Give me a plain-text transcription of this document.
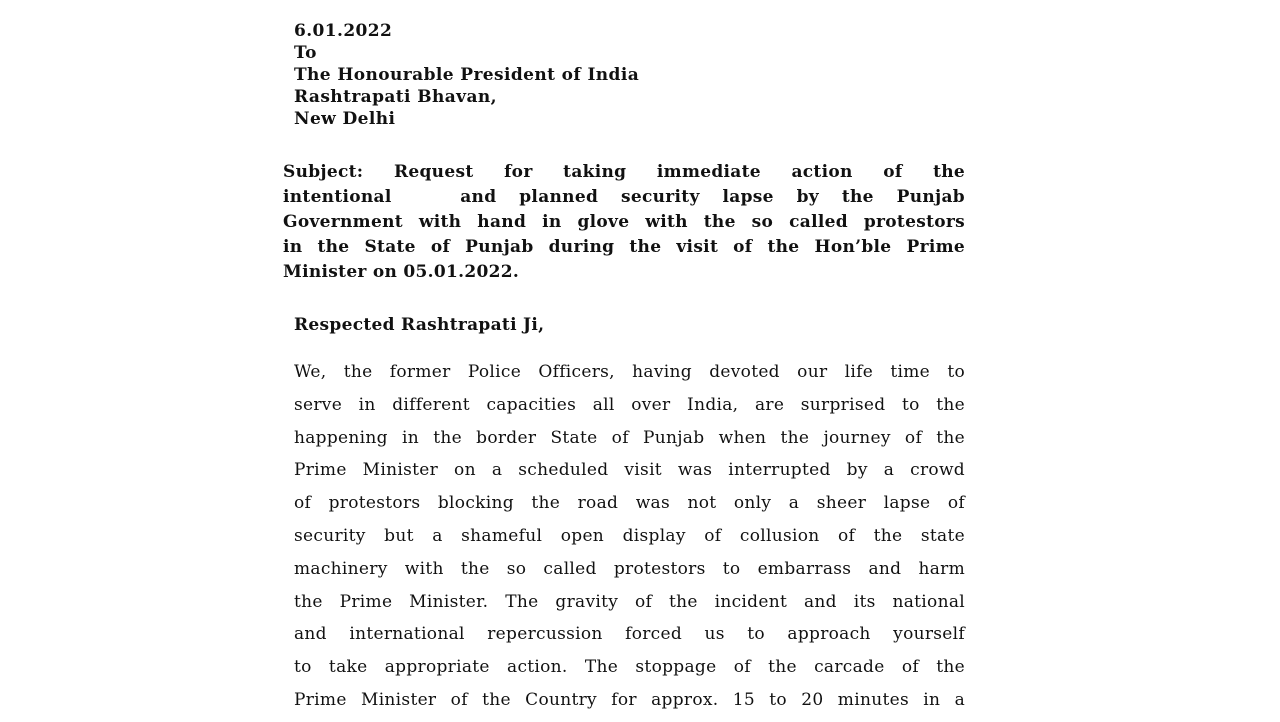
6.01.2022
To
The Honourable President of India
Rashtrapati Bhavan,
New Delhi
Subject: Request for taking immediate action of the
intentional   and planned security lapse by the Punjab
Government with hand in glove with the so called protestors
in the State of Punjab during the visit of the Hon’ble Prime
Minister on 05.01.2022.
Respected Rashtrapati Ji,
We, the former Police Officers, having devoted our life time to
serve in different capacities all over India, are surprised to the
happening in the border State of Punjab when the journey of the
Prime Minister on a scheduled visit was interrupted by a crowd
of protestors blocking the road was not only a sheer lapse of
security but a shameful open display of collusion of the state
machinery with the so called protestors to embarrass and harm
the Prime Minister. The gravity of the incident and its national
and international repercussion forced us to approach yourself
to take appropriate action. The stoppage of the carcade of the
Prime Minister of the Country for approx. 15 to 20 minutes in a
